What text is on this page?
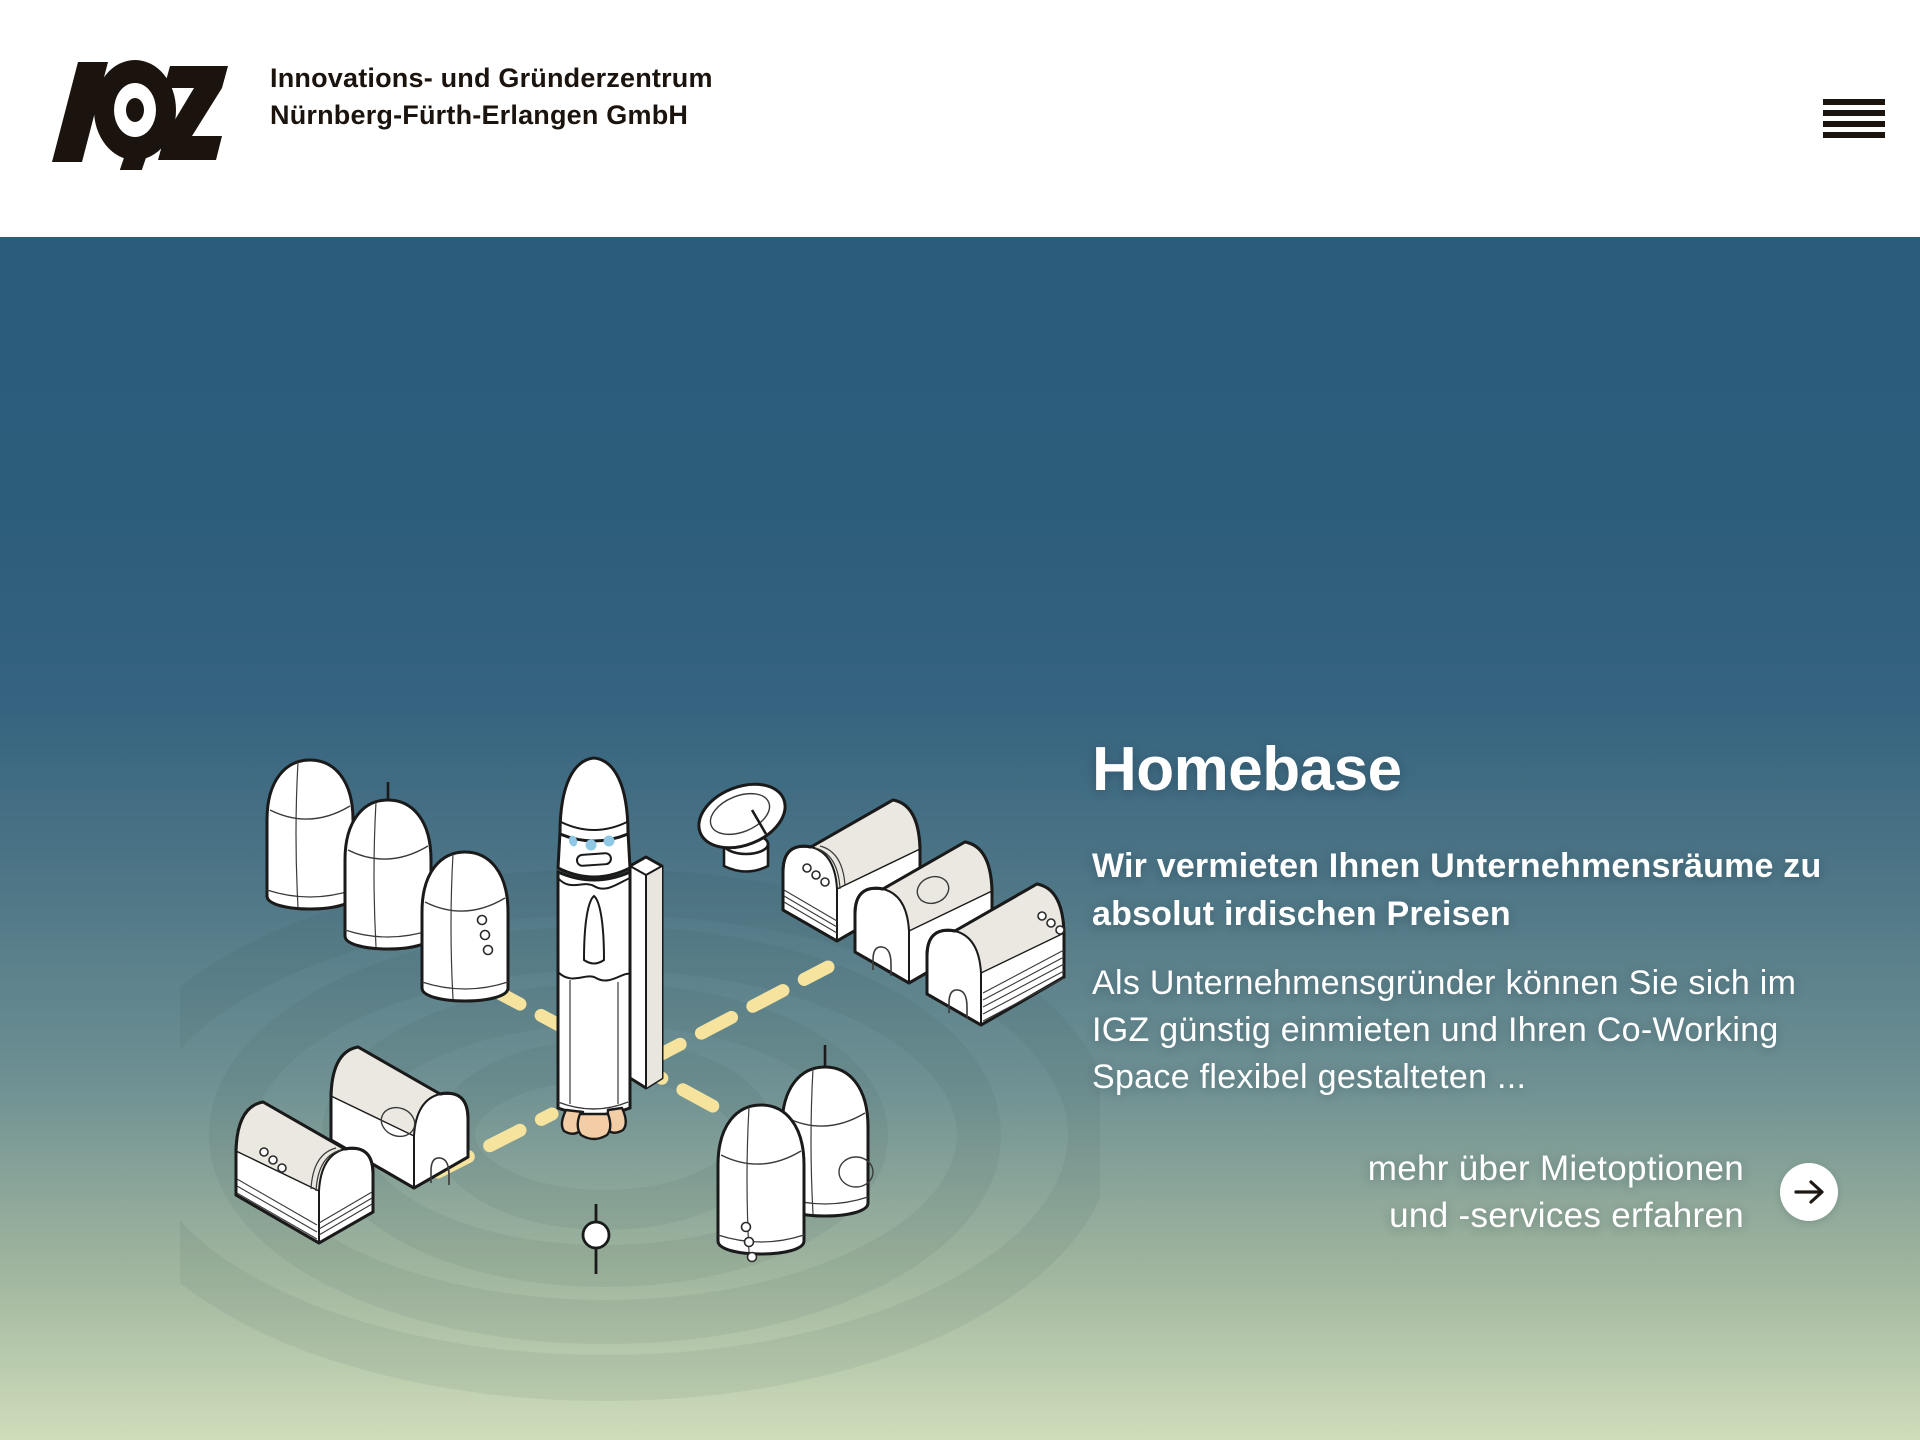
Innovations- und Gründerzentrum
Nürnberg-Fürth-Erlangen GmbH
Homebase
Wir vermieten Ihnen Unternehmensräume zu
absolut irdischen Preisen
Als Unternehmensgründer können Sie sich im
IGZ günstig einmieten und Ihren Co-Working
Space flexibel gestalteten ...
mehr über Mietoptionen
und -services erfahren
